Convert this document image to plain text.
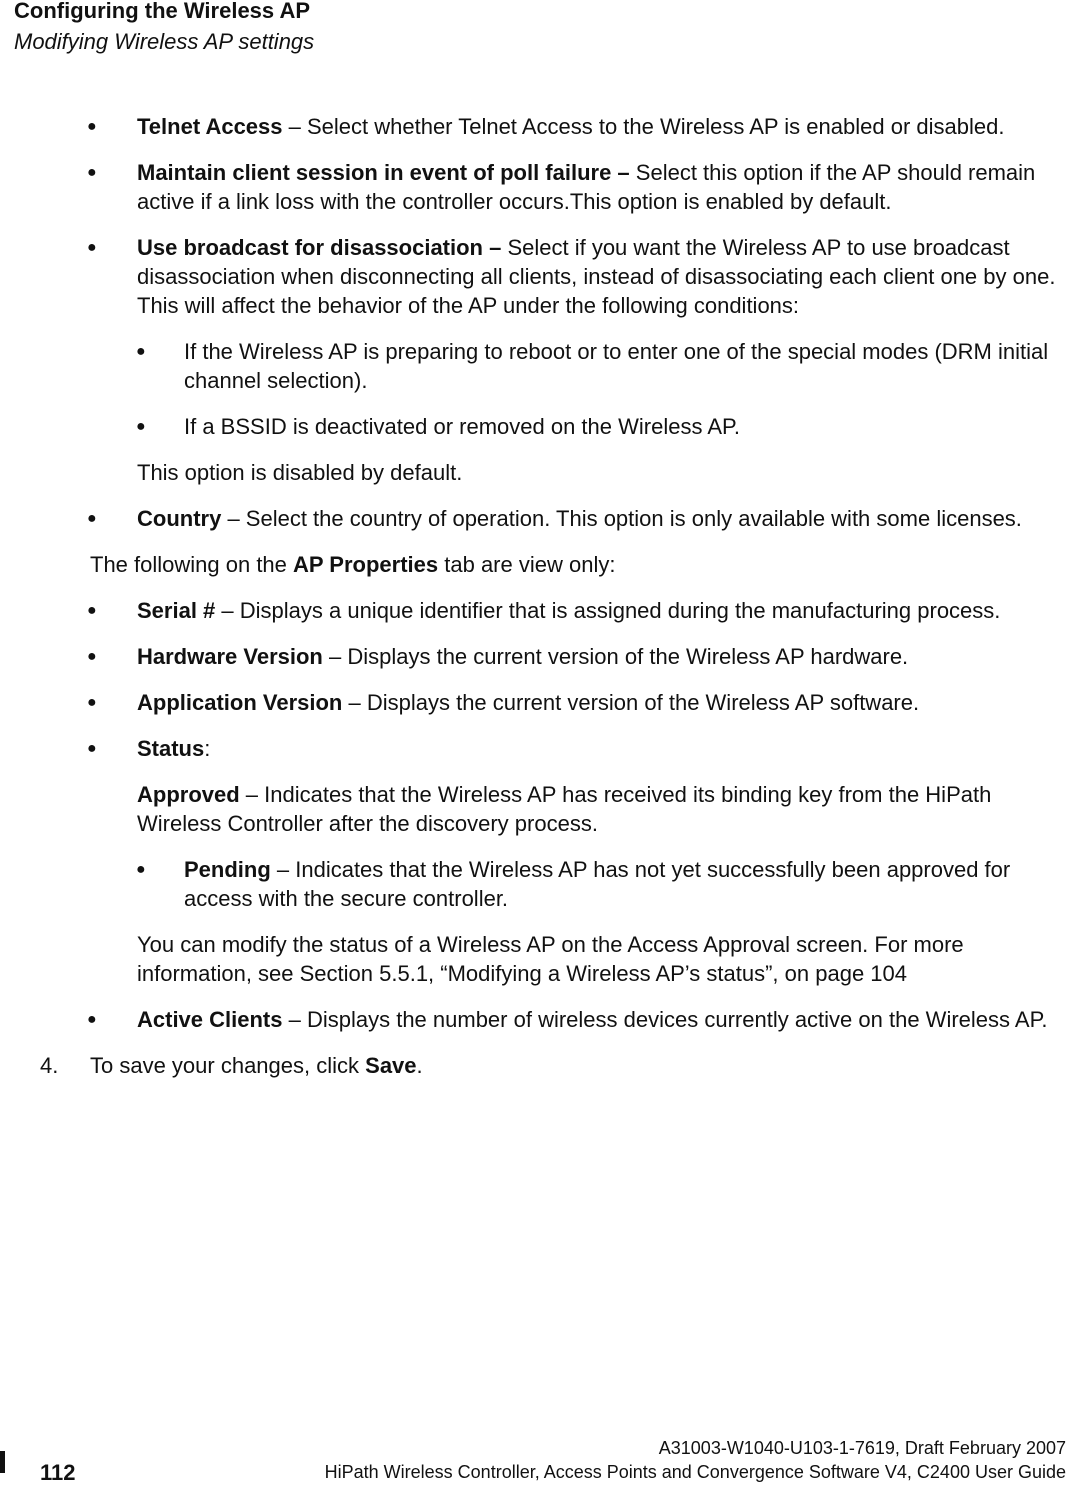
Configuring the Wireless AP
Modifying Wireless AP settings
● Telnet Access – Select whether Telnet Access to the Wireless AP is enabled or disabled.
● Maintain client session in event of poll failure – Select this option if the AP should remain active if a link loss with the controller occurs.This option is enabled by default.
● Use broadcast for disassociation – Select if you want the Wireless AP to use broadcast disassociation when disconnecting all clients, instead of disassociating each client one by one. This will affect the behavior of the AP under the following conditions:
● If the Wireless AP is preparing to reboot or to enter one of the special modes (DRM initial channel selection).
● If a BSSID is deactivated or removed on the Wireless AP.
This option is disabled by default.
● Country – Select the country of operation. This option is only available with some licenses.
The following on the AP Properties tab are view only:
● Serial # – Displays a unique identifier that is assigned during the manufacturing process.
● Hardware Version – Displays the current version of the Wireless AP hardware.
● Application Version – Displays the current version of the Wireless AP software.
● Status:
Approved – Indicates that the Wireless AP has received its binding key from the HiPath Wireless Controller after the discovery process.
● Pending – Indicates that the Wireless AP has not yet successfully been approved for access with the secure controller.
You can modify the status of a Wireless AP on the Access Approval screen. For more information, see Section 5.5.1, “Modifying a Wireless AP’s status”, on page 104
● Active Clients – Displays the number of wireless devices currently active on the Wireless AP.
4. To save your changes, click Save.
A31003-W1040-U103-1-7619, Draft February 2007
112	HiPath Wireless Controller, Access Points and Convergence Software V4, C2400 User Guide
